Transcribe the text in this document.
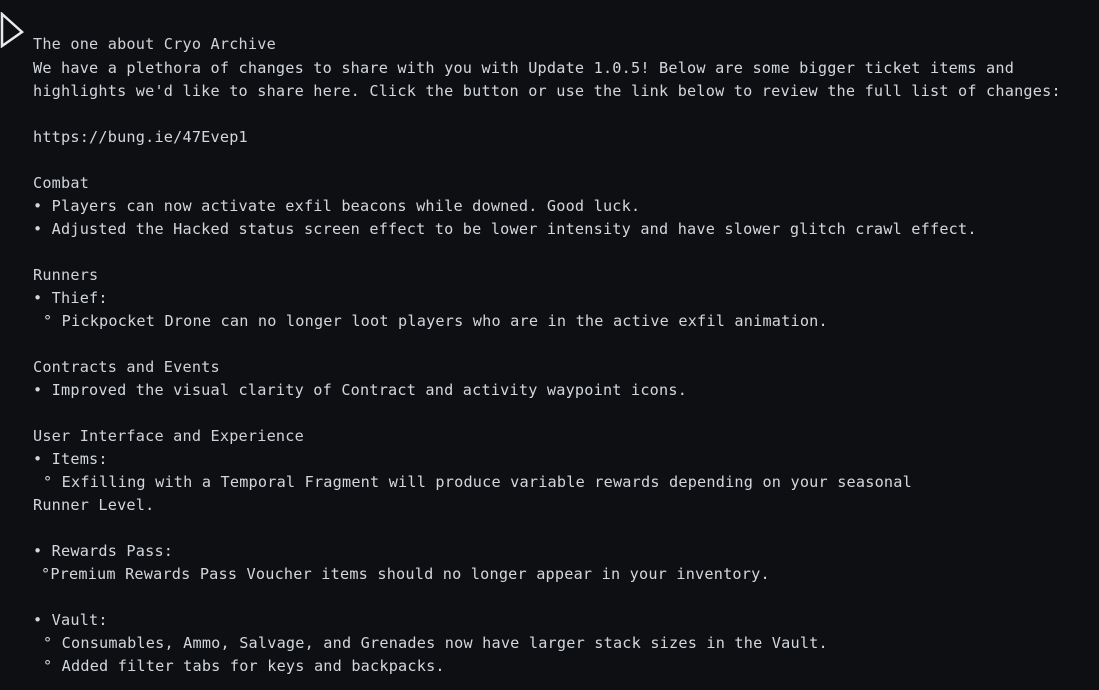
The one about Cryo Archive
We have a plethora of changes to share with you with Update 1.0.5! Below are some bigger ticket items and highlights we'd like to share here. Click the button or use the link below to review the full list of changes:
https://bung.ie/47Evep1
Combat
• Players can now activate exfil beacons while downed. Good luck.
• Adjusted the Hacked status screen effect to be lower intensity and have slower glitch crawl effect.
Runners
• Thief:
° Pickpocket Drone can no longer loot players who are in the active exfil animation.
Contracts and Events
• Improved the visual clarity of Contract and activity waypoint icons.
User Interface and Experience
• Items:
° Exfilling with a Temporal Fragment will produce variable rewards depending on your seasonal
Runner Level.
• Rewards Pass:
°Premium Rewards Pass Voucher items should no longer appear in your inventory.
• Vault:
° Consumables, Ammo, Salvage, and Grenades now have larger stack sizes in the Vault.
° Added filter tabs for keys and backpacks.
